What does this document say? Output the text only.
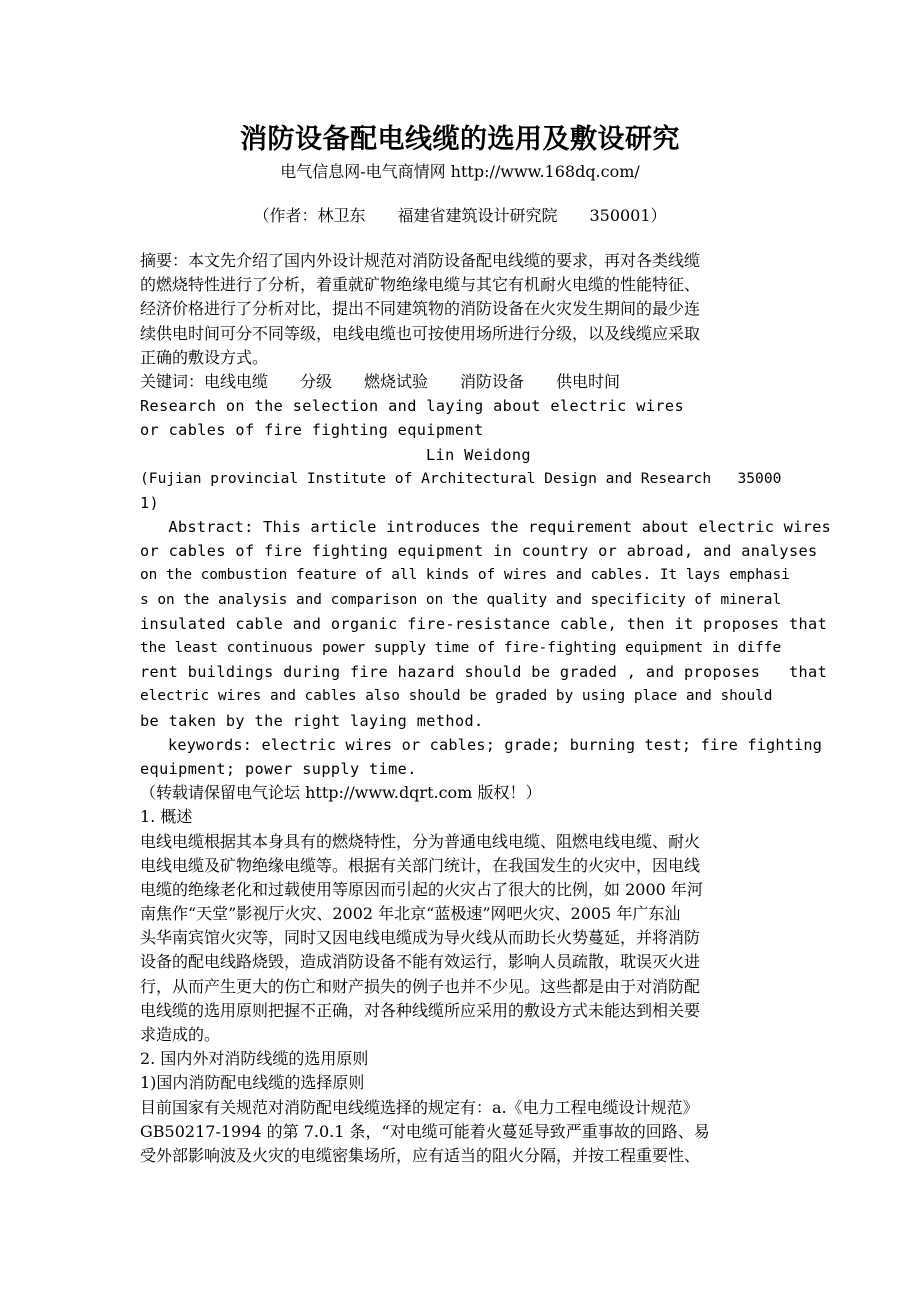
消防设备配电线缆的选用及敷设研究
电气信息网-电气商情网 http://www.168dq.com/
（作者：林卫东　　福建省建筑设计研究院　　350001）
摘要：本文先介绍了国内外设计规范对消防设备配电线缆的要求，再对各类线缆
的燃烧特性进行了分析，着重就矿物绝缘电缆与其它有机耐火电缆的性能特征、
经济价格进行了分析对比，提出不同建筑物的消防设备在火灾发生期间的最少连
续供电时间可分不同等级，电线电缆也可按使用场所进行分级，以及线缆应采取
正确的敷设方式。
关键词：电线电缆　　分级　　燃烧试验　　消防设备　　供电时间
Research on the selection and laying about electric wires
or cables of fire fighting equipment
Lin Weidong
(Fujian provincial Institute of Architectural Design and Research   35000
1)
Abstract: This article introduces the requirement about electric wires
or cables of fire fighting equipment in country or abroad, and analyses
on the combustion feature of all kinds of wires and cables. It lays emphasi
s on the analysis and comparison on the quality and specificity of mineral
insulated cable and organic fire-resistance cable, then it proposes that
the least continuous power supply time of fire-fighting equipment in diffe
rent buildings during fire hazard should be graded , and proposes   that
electric wires and cables also should be graded by using place and should
be taken by the right laying method.
keywords: electric wires or cables; grade; burning test; fire fighting
equipment; power supply time.
（转载请保留电气论坛 http://www.dqrt.com 版权！）
1. 概述
电线电缆根据其本身具有的燃烧特性，分为普通电线电缆、阻燃电线电缆、耐火
电线电缆及矿物绝缘电缆等。根据有关部门统计，在我国发生的火灾中，因电线
电缆的绝缘老化和过载使用等原因而引起的火灾占了很大的比例，如 2000 年河
南焦作“天堂”影视厅火灾、2002 年北京“蓝极速”网吧火灾、2005 年广东汕
头华南宾馆火灾等，同时又因电线电缆成为导火线从而助长火势蔓延，并将消防
设备的配电线路烧毁，造成消防设备不能有效运行，影响人员疏散，耽误灭火进
行，从而产生更大的伤亡和财产损失的例子也并不少见。这些都是由于对消防配
电线缆的选用原则把握不正确，对各种线缆所应采用的敷设方式未能达到相关要
求造成的。
2. 国内外对消防线缆的选用原则
1)国内消防配电线缆的选择原则
目前国家有关规范对消防配电线缆选择的规定有：a.《电力工程电缆设计规范》
GB50217-1994 的第 7.0.1 条，“对电缆可能着火蔓延导致严重事故的回路、易
受外部影响波及火灾的电缆密集场所，应有适当的阻火分隔，并按工程重要性、
